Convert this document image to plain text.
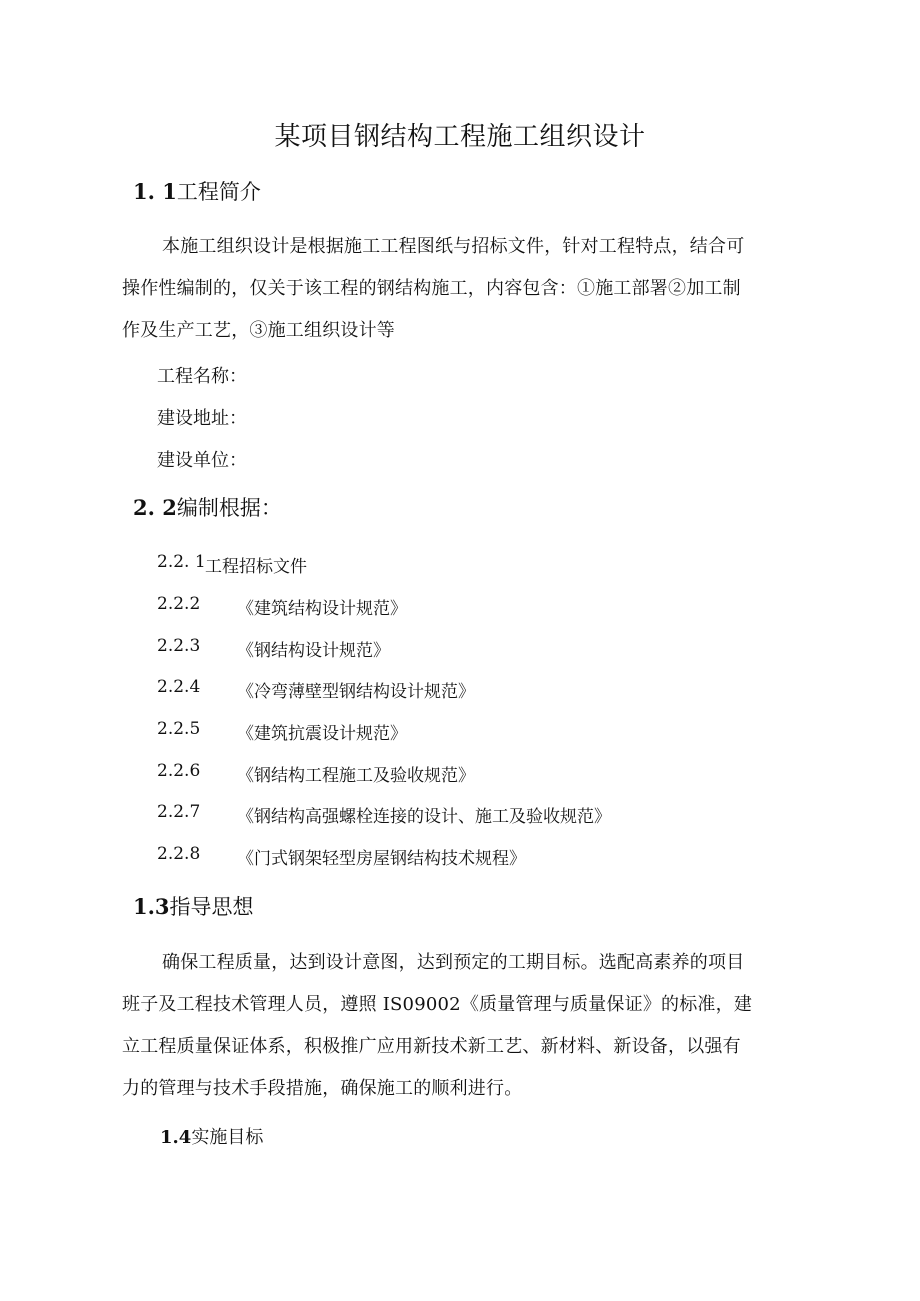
某项目钢结构工程施工组织设计
1. 1工程简介
本施工组织设计是根据施工工程图纸与招标文件，针对工程特点，结合可
操作性编制的，仅关于该工程的钢结构施工，内容包含：①施工部署②加工制
作及生产工艺，③施工组织设计等
工程名称：
建设地址：
建设单位：
2. 2编制根据：
2.2. 1 工程招标文件
2.2.2 《建筑结构设计规范》
2.2.3 《钢结构设计规范》
2.2.4 《冷弯薄壁型钢结构设计规范》
2.2.5 《建筑抗震设计规范》
2.2.6 《钢结构工程施工及验收规范》
2.2.7 《钢结构高强螺栓连接的设计、施工及验收规范》
2.2.8 《门式钢架轻型房屋钢结构技术规程》
1.3指导思想
确保工程质量，达到设计意图，达到预定的工期目标。选配高素养的项目
班子及工程技术管理人员，遵照 IS09002《质量管理与质量保证》的标准，建
立工程质量保证体系，积极推广应用新技术新工艺、新材料、新设备，以强有
力的管理与技术手段措施，确保施工的顺利进行。
1.4实施目标
